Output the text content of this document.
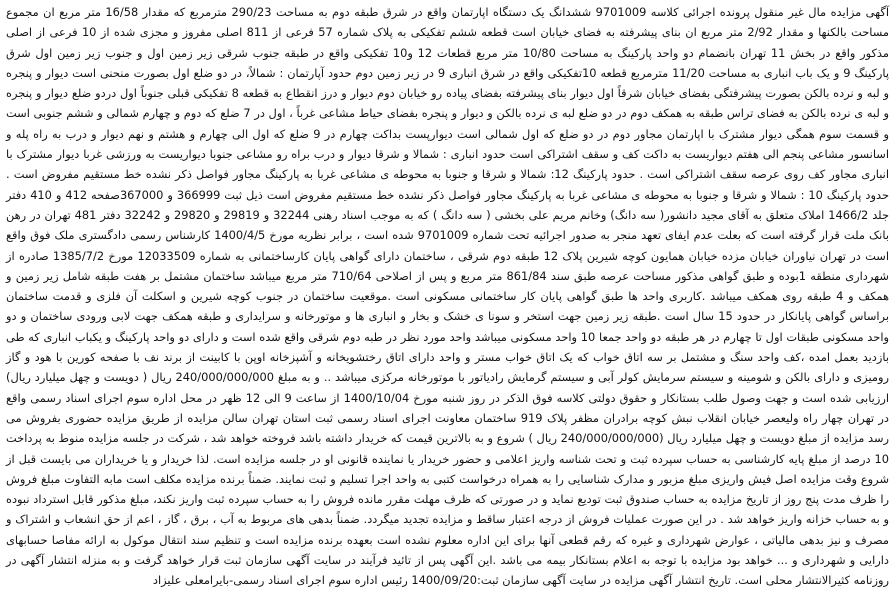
آگهی مزایده مال غیر منقول پرونده اجرائی کلاسه 9701009 ششدانگ یک دستگاه اپارتمان واقع در شرق طبقه دوم به مساحت 290/23 مترمربع که مقدار 16/58 متر مربع ان مجموع مساحت بالکنها و مقدار 2/92 متر مربع ان بنای پیشرفته به فضای خیابان است قطعه ششم تفکیکی به پلاک شماره 57 فرعی از 811 اصلی مفروز و مجزی شده از 10 فرعی از اصلی مذکور واقع در بخش 11 تهران بانضمام دو واحد پارکینگ به مساحت 10/80 متر مربع قطعات 12 و10 تفکیکی واقع در طبقه جنوب شرقی زیر زمین اول و جنوب زیر زمین اول شرق پارکینگ 9 و یک باب انباری به مساحت 11/20 مترمربع قطعه 10تفکیکی واقع در شرق انباری 9 در زیر زمین دوم حدود آپارتمان : شمالاً، در دو ضلع اول بصورت منحنی است دیوار و پنجره و لبه و نرده بالکن بصورت پیشرفتگی بفضای خیابان شرقاً اول دیوار بنای پیشرفته بفضای پیاده رو خیابان دوم دیوار و درز انقطاع به قطعه 8 تفکیکی قبلی جنوباً اول دردو ضلع دیوار و پنجره و لبه ی نرده بالکن به فضای تراس طبقه به همکف دوم در دو ضلع لبه ی نرده بالکن و دیوار و پنجره بفضای حیاط مشاعی غرباً ، اول در 7 ضلع که دوم و چهارم شمالی و ششم جنوبی است و قسمت سوم همگی دیوار مشترک با اپارتمان مجاور دوم در دو ضلع که اول شمالی است دیوارپست بداکت چهارم در 9 ضلع که اول الی چهارم و هشتم و نهم دیوار و درب به راه پله و اسانسور مشاعی پنجم الی هفتم دیواریست به داکت کف و سقف اشتراکی است حدود انباری : شمالا و شرقا دیوار و درب براه رو مشاعی جنوبا دیواریست به ورزشی غربا دیوار مشترک با انباری مجاور کف روی عرصه سقف اشتراکی است . حدود پارکینگ 12: شمالا و شرقا و جنوبا به محوطه ی مشاعی غربا به پارکینگ مجاور فواصل ذکر نشده خط مستقیم مفروض است . حدود پارکینگ 10 : شمالا و شرقا و جنوبا به محوطه ی مشاعی غربا به پارکینگ مجاور فواصل ذکر نشده خط مستقیم مفروض است ذیل ثبت 366999 و 367000صفحه 412 و 410 دفتر جلد 1466/2 املاک متعلق به آقای مجید دانشور( سه دانگ) وخانم مریم علی بخشی ( سه دانگ ) که به موجب اسناد رهنی 32244 و 29819 و 29820 و 32242 دفتر 481 تهران در رهن بانک ملت قرار گرفته است که بعلت عدم ایفای تعهد منجر به صدور اجرائیه تحت شماره 9701009 شده است ، برابر نظریه مورخ 1400/4/5 کارشناس رسمی دادگستری ملک فوق واقع است در تهران نیاوران خیابان مزده خیابان همایون کوچه شیرین پلاک 12 طبقه دوم شرقی ، ساختمان دارای گواهی پایان کارساختمانی به شماره 12033509 مورخ 1385/7/2 صادره از شهرداری منطقه 1بوده و طبق گواهی مذکور مساحت عرصه طبق سند 861/84 متر مربع و پس از اصلاحی 710/64 متر مربع میباشد ساختمان مشتمل بر هفت طبقه شامل زیر زمین و همکف و 4 طبقه روی همکف میباشد .کاربری واحد ها طبق گواهی پایان کار ساختمانی مسکونی است .موقعیت ساختمان در جنوب کوچه شیرین و اسکلت آن فلزی و قدمت ساختمان براساس گواهی پایانکار در حدود 15 سال است .طبقه زیر زمین جهت استخر و سونا ی خشک و بخار و انباری ها و موتورخانه و سرایداری و طبقه همکف جهت لابی ورودی ساختمان و دو واحد مسکونی طبقات اول تا چهارم در هر طبقه دو واحد جمعا 10 واحد مسکونی میباشد واحد مورد نظر در طبه دوم شرقی واقع شده است و دارای دو واحد پارکینگ و یکباب انباری که طی بازدید بعمل امده ،کف واحد سنگ و مشتمل بر سه اتاق خواب که یک اتاق خواب مستر و واحد دارای اتاق رختشویخانه و آشپزخانه اوپن با کابینت از برند نف با صفحه کورین با هود و گاز رومیزی و دارای بالکن و شومینه و سیستم سرمایش کولر آبی و سیستم گرمایش رادیاتور با موتورخانه مرکزی میباشد .. و به مبلغ 240/000/000/000 ریال ( دویست و چهل میلیارد ریال) ارزیابی شده است و جهت وصول طلب بستانکار و حقوق دولتی کلاسه فوق الذکر در روز شنبه مورخ 1400/10/04 از ساعت 9 الی 12 ظهر در محل اداره سوم اجرای اسناد رسمی واقع در تهران چهار راه ولیعصر خیابان انقلاب نبش کوچه برادران مظفر پلاک 919 ساختمان معاونت اجرای اسناد رسمی ثبت استان تهران سالن مزایده از طریق مزایده حضوری بفروش می رسد مزایده از مبلغ دویست و چهل میلیارد ریال (240/000/000/000 ریال ) شروع و به بالاترین قیمت که خریدار داشته باشد فروخته خواهد شد ، شرکت در جلسه مزایده منوط به پرداخت 10 درصد از مبلغ پایه کارشناسی به حساب سپرده ثبت و تحت شناسه واریز اعلامی و حضور خریدار یا نماینده قانونی او در جلسه مزایده است. لذا خریدار و یا خریداران می بایست قبل از شروع وقت مزایده اصل فیش واریزی مبلغ مزبور و مدارک شناسایی را به همراه درخواست کتبی به واحد اجرا تسلیم و ثبت نمایند. ضمناً برنده مزایده مکلف است مابه التفاوت مبلغ فروش را ظرف مدت پنج روز از تاریخ مزایده به حساب صندوق ثبت تودیع نماید و در صورتی که ظرف مهلت مقرر مانده فروش را به حساب سپرده ثبت واریز نکند، مبلغ مذکور قابل استرداد نبوده و به حساب خزانه واریز خواهد شد . در این صورت عملیات فروش از درجه اعتبار ساقط و مزایده تجدید میگردد. ضمناً بدهی های مربوط به آب ، برق ، گاز ، اعم از حق انشعاب و اشتراک و مصرف و نیز بدهی مالیاتی ، عوارض شهرداری و غیره که رقم قطعی آنها برای این اداره معلوم نشده است بعهده برنده مزایده است و تنظیم سند انتقال موکول به ارائه مفاصا حسابهای دارایی و شهرداری و ... خواهد بود مزایده با توجه به اعلام بستانکار بیمه می باشد .این آگهی پس از تائید فرآیند در سایت آگهی سازمان ثبت قرار خواهد گرفت و به منزله انتشار آگهی در روزنامه کثیرالانتشار محلی است. تاریخ انتشار آگهی مزایده در سایت آگهی سازمان ثبت:1400/09/20 رئیس اداره سوم اجرای اسناد رسمی-بایرامعلی علیزاد
